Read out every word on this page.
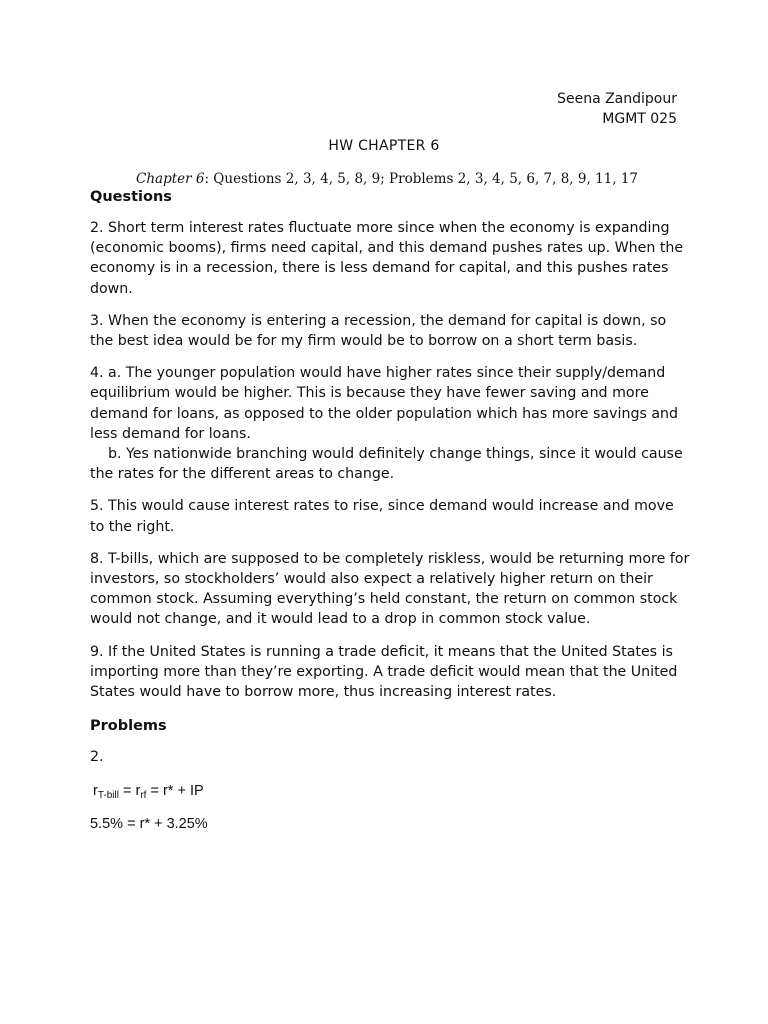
Seena Zandipour
MGMT 025
HW CHAPTER 6
Chapter 6: Questions 2, 3, 4, 5, 8, 9; Problems 2, 3, 4, 5, 6, 7, 8, 9, 11, 17
Questions

2. Short term interest rates fluctuate more since when the economy is expanding (economic booms), firms need capital, and this demand pushes rates up. When the economy is in a recession, there is less demand for capital, and this pushes rates down.

3. When the economy is entering a recession, the demand for capital is down, so the best idea would be for my firm would be to borrow on a short term basis.

4. a. The younger population would have higher rates since their supply/demand equilibrium would be higher. This is because they have fewer saving and more demand for loans, as opposed to the older population which has more savings and less demand for loans.

b. Yes nationwide branching would definitely change things, since it would cause the rates for the different areas to change.

5. This would cause interest rates to rise, since demand would increase and move to the right.

8. T-bills, which are supposed to be completely riskless, would be returning more for investors, so stockholders’ would also expect a relatively higher return on their common stock. Assuming everything’s held constant, the return on common stock would not change, and it would lead to a drop in common stock value.

9. If the United States is running a trade deficit, it means that the United States is importing more than they’re exporting. A trade deficit would mean that the United States would have to borrow more, thus increasing interest rates.

Problems

2.

$r_{T-bill} = r_{rf} = r*$ + IP

5.5% = r* + 3.25%
